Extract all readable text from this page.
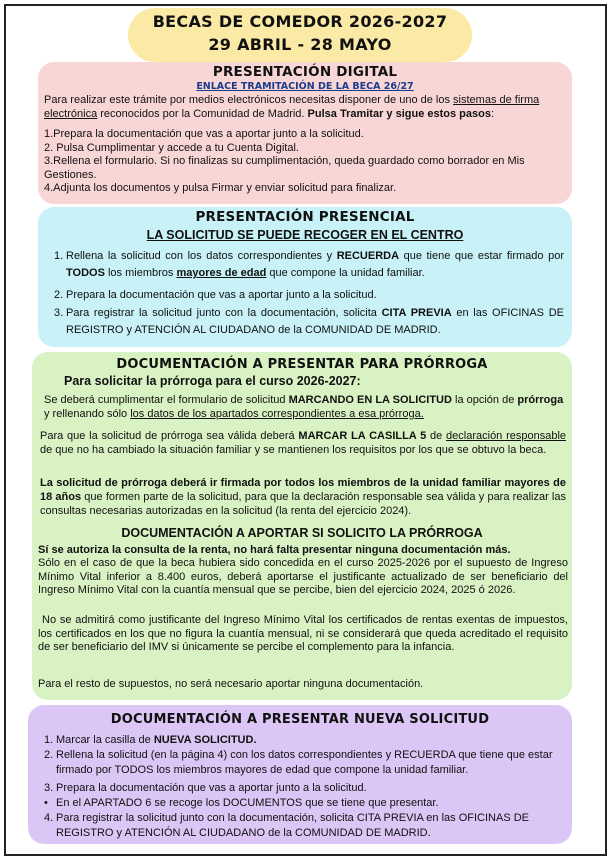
BECAS DE COMEDOR 2026-2027
29 ABRIL - 28 MAYO
PRESENTACIÓN DIGITAL
ENLACE TRAMITACIÓN DE LA BECA 26/27
Para realizar este trámite por medios electrónicos necesitas disponer de uno de los sistemas de firma electrónica reconocidos por la Comunidad de Madrid. Pulsa Tramitar y sigue estos pasos:
1.Prepara la documentación que vas a aportar junto a la solicitud.
2. Pulsa Cumplimentar y accede a tu Cuenta Digital.
3.Rellena el formulario. Si no finalizas su cumplimentación, queda guardado como borrador en Mis Gestiones.
4.Adjunta los documentos y pulsa Firmar y enviar solicitud para finalizar.
PRESENTACIÓN PRESENCIAL
LA SOLICITUD SE PUEDE RECOGER EN EL CENTRO
1. Rellena la solicitud con los datos correspondientes y RECUERDA que tiene que estar firmado por TODOS los miembros mayores de edad que compone la unidad familiar.
2. Prepara la documentación que vas a aportar junto a la solicitud.
3. Para registrar la solicitud junto con la documentación, solicita CITA PREVIA en las OFICINAS DE REGISTRO y ATENCIÓN AL CIUDADANO de la COMUNIDAD DE MADRID.
DOCUMENTACIÓN A PRESENTAR PARA PRÓRROGA
Para solicitar la prórroga para el curso 2026-2027:
Se deberá cumplimentar el formulario de solicitud MARCANDO EN LA SOLICITUD la opción de prórroga y rellenando sólo los datos de los apartados correspondientes a esa prórroga.
Para que la solicitud de prórroga sea válida deberá MARCAR LA CASILLA 5 de declaración responsable de que no ha cambiado la situación familiar y se mantienen los requisitos por los que se obtuvo la beca.
La solicitud de prórroga deberá ir firmada por todos los miembros de la unidad familiar mayores de 18 años que formen parte de la solicitud, para que la declaración responsable sea válida y para realizar las consultas necesarias autorizadas en la solicitud (la renta del ejercicio 2024).
DOCUMENTACIÓN A APORTAR SI SOLICITO LA PRÓRROGA
Sí se autoriza la consulta de la renta, no hará falta presentar ninguna documentación más.
Sólo en el caso de que la beca hubiera sido concedida en el curso 2025-2026 por el supuesto de Ingreso Mínimo Vital inferior a 8.400 euros, deberá aportarse el justificante actualizado de ser beneficiario del Ingreso Mínimo Vital con la cuantía mensual que se percibe, bien del ejercicio 2024, 2025 ó 2026.
No se admitirá como justificante del Ingreso Mínimo Vital los certificados de rentas exentas de impuestos, los certificados en los que no figura la cuantía mensual, ni se considerará que queda acreditado el requisito de ser beneficiario del IMV si únicamente se percibe el complemento para la infancia.
Para el resto de supuestos, no será necesario aportar ninguna documentación.
DOCUMENTACIÓN A PRESENTAR NUEVA SOLICITUD
1. Marcar la casilla de NUEVA SOLICITUD.
2. Rellena la solicitud (en la página 4) con los datos correspondientes y RECUERDA que tiene que estar firmado por TODOS los miembros mayores de edad que compone la unidad familiar.
3. Prepara la documentación que vas a aportar junto a la solicitud.
• En el APARTADO 6 se recoge los DOCUMENTOS que se tiene que presentar.
4. Para registrar la solicitud junto con la documentación, solicita CITA PREVIA en las OFICINAS DE REGISTRO y ATENCIÓN AL CIUDADANO de la COMUNIDAD DE MADRID.
